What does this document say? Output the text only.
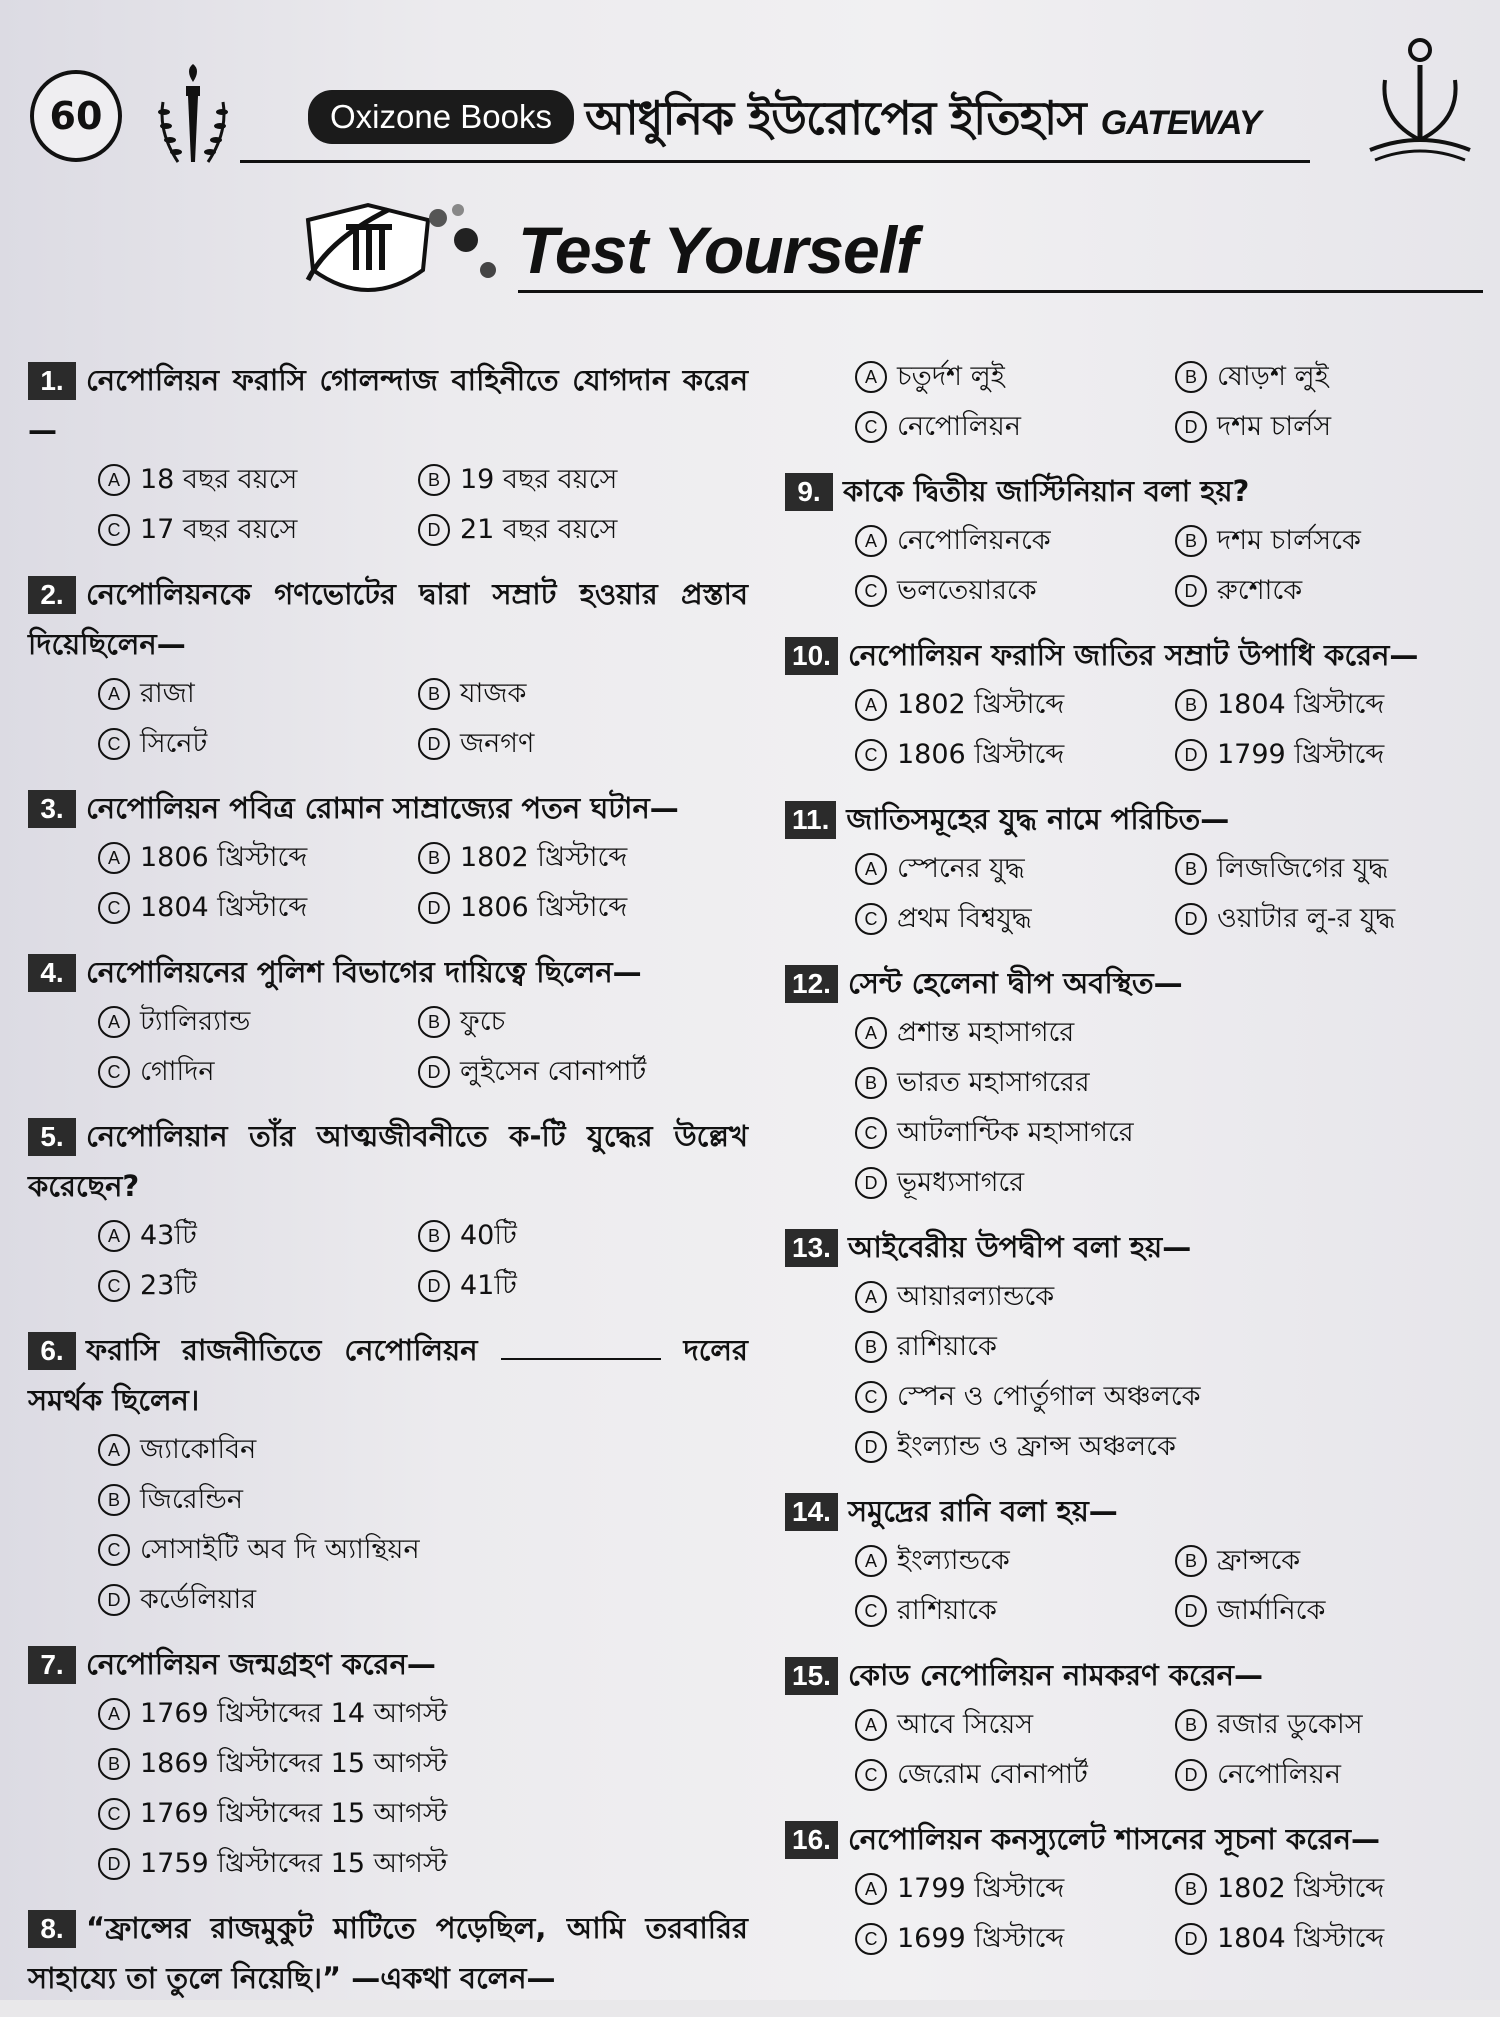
60	Oxizone Books আধুনিক ইউরোপের ইতিহাস GATEWAY
Test Yourself
1. নেপোলিয়ন ফরাসি গোলন্দাজ বাহিনীতে যোগদান করেন—
A 18 বছর বয়সে	B 19 বছর বয়সে
C 17 বছর বয়সে	D 21 বছর বয়সে
2. নেপোলিয়নকে গণভোটের দ্বারা সম্রাট হওয়ার প্রস্তাব দিয়েছিলেন—
A রাজা	B যাজক
C সিনেট	D জনগণ
3. নেপোলিয়ন পবিত্র রোমান সাম্রাজ্যের পতন ঘটান—
A 1806 খ্রিস্টাব্দে	B 1802 খ্রিস্টাব্দে
C 1804 খ্রিস্টাব্দে	D 1806 খ্রিস্টাব্দে
4. নেপোলিয়নের পুলিশ বিভাগের দায়িত্বে ছিলেন—
A ট্যালির‍্যান্ড	B ফুচে
C গোদিন	D লুইসেন বোনাপার্ট
5. নেপোলিয়ান তাঁর আত্মজীবনীতে ক-টি যুদ্ধের উল্লেখ করেছেন?
A 43টি	B 40টি
C 23টি	D 41টি
6. ফরাসি রাজনীতিতে নেপোলিয়ন	দলের সমর্থক ছিলেন।
A জ্যাকোবিন
B জিরেন্ডিন
C সোসাইটি অব দি অ্যান্থিয়ন
D কর্ডেলিয়ার
7. নেপোলিয়ন জন্মগ্রহণ করেন—
A 1769 খ্রিস্টাব্দের 14 আগস্ট
B 1869 খ্রিস্টাব্দের 15 আগস্ট
C 1769 খ্রিস্টাব্দের 15 আগস্ট
D 1759 খ্রিস্টাব্দের 15 আগস্ট
8. “ফ্রান্সের রাজমুকুট মাটিতে পড়েছিল, আমি তরবারির সাহায্যে তা তুলে নিয়েছি।” —একথা বলেন—
A চতুর্দশ লুই	B ষোড়শ লুই
C নেপোলিয়ন	D দশম চার্লস
9. কাকে দ্বিতীয় জাস্টিনিয়ান বলা হয়?
A নেপোলিয়নকে	B দশম চার্লসকে
C ভলতেয়ারকে	D রুশোকে
10. নেপোলিয়ন ফরাসি জাতির সম্রাট উপাধি করেন—
A 1802 খ্রিস্টাব্দে	B 1804 খ্রিস্টাব্দে
C 1806 খ্রিস্টাব্দে	D 1799 খ্রিস্টাব্দে
11. জাতিসমূহের যুদ্ধ নামে পরিচিত—
A স্পেনের যুদ্ধ	B লিজজিগের যুদ্ধ
C প্রথম বিশ্বযুদ্ধ	D ওয়াটার লু-র যুদ্ধ
12. সেন্ট হেলেনা দ্বীপ অবস্থিত—
A প্রশান্ত মহাসাগরে
B ভারত মহাসাগরের
C আটলান্টিক মহাসাগরে
D ভূমধ্যসাগরে
13. আইবেরীয় উপদ্বীপ বলা হয়—
A আয়ারল্যান্ডকে
B রাশিয়াকে
C স্পেন ও পোর্তুগাল অঞ্চলকে
D ইংল্যান্ড ও ফ্রান্স অঞ্চলকে
14. সমুদ্রের রানি বলা হয়—
A ইংল্যান্ডকে	B ফ্রান্সকে
C রাশিয়াকে	D জার্মানিকে
15. কোড নেপোলিয়ন নামকরণ করেন—
A আবে সিয়েস	B রজার ডুকোস
C জেরোম বোনাপার্ট	D নেপোলিয়ন
16. নেপোলিয়ন কনস্যুলেট শাসনের সূচনা করেন—
A 1799 খ্রিস্টাব্দে	B 1802 খ্রিস্টাব্দে
C 1699 খ্রিস্টাব্দে	D 1804 খ্রিস্টাব্দে
